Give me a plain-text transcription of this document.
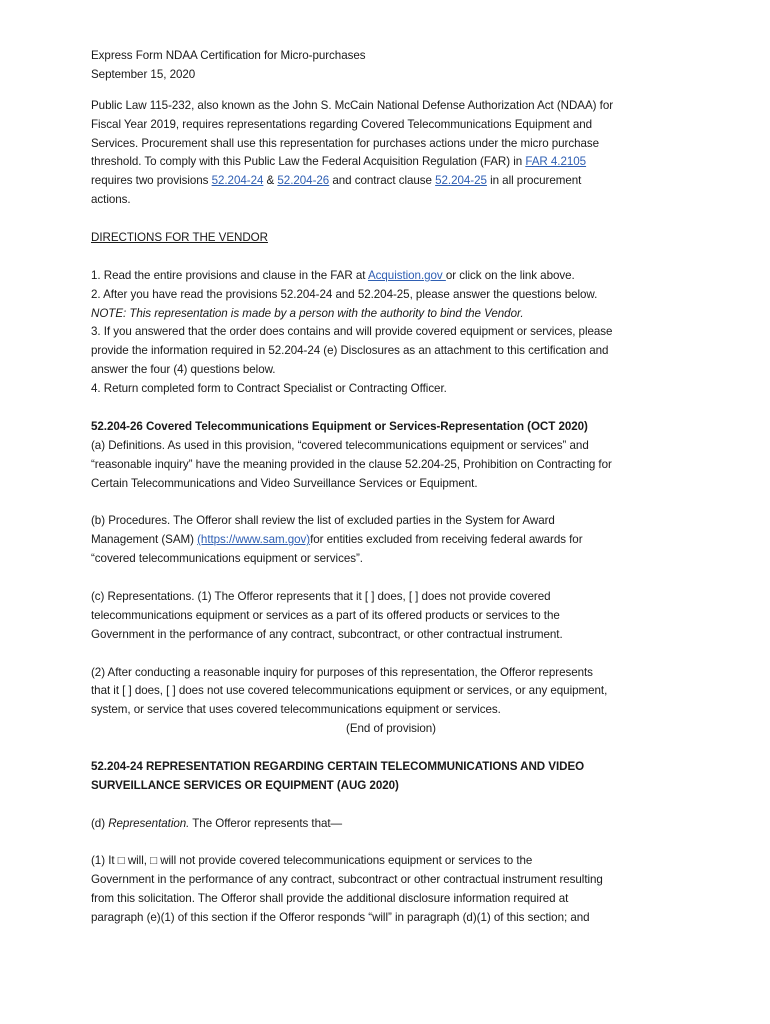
Express Form NDAA Certification for Micro-purchases
September 15, 2020
Public Law 115-232, also known as the John S. McCain National Defense Authorization Act (NDAA) for
Fiscal Year 2019, requires representations regarding Covered Telecommunications Equipment and
Services. Procurement shall use this representation for purchases actions under the micro purchase
threshold. To comply with this Public Law the Federal Acquisition Regulation (FAR) in FAR 4.2105
requires two provisions 52.204-24 & 52.204-26 and contract clause 52.204-25 in all procurement
actions.
DIRECTIONS FOR THE VENDOR
1. Read the entire provisions and clause in the FAR at Acquistion.gov or click on the link above.
2. After you have read the provisions 52.204-24 and 52.204-25, please answer the questions below.
NOTE: This representation is made by a person with the authority to bind the Vendor.
3. If you answered that the order does contains and will provide covered equipment or services, please
provide the information required in 52.204-24 (e) Disclosures as an attachment to this certification and
answer the four (4) questions below.
4. Return completed form to Contract Specialist or Contracting Officer.
52.204-26 Covered Telecommunications Equipment or Services-Representation (OCT 2020)
(a) Definitions. As used in this provision, “covered telecommunications equipment or services” and
“reasonable inquiry” have the meaning provided in the clause 52.204-25, Prohibition on Contracting for
Certain Telecommunications and Video Surveillance Services or Equipment.
(b) Procedures. The Offeror shall review the list of excluded parties in the System for Award
Management (SAM) (https://www.sam.gov)for entities excluded from receiving federal awards for
“covered telecommunications equipment or services”.
(c) Representations. (1) The Offeror represents that it [ ] does, [ ] does not provide covered
telecommunications equipment or services as a part of its offered products or services to the
Government in the performance of any contract, subcontract, or other contractual instrument.
(2) After conducting a reasonable inquiry for purposes of this representation, the Offeror represents
that it [ ] does, [ ] does not use covered telecommunications equipment or services, or any equipment,
system, or service that uses covered telecommunications equipment or services.
(End of provision)
52.204-24 REPRESENTATION REGARDING CERTAIN TELECOMMUNICATIONS AND VIDEO
SURVEILLANCE SERVICES OR EQUIPMENT (AUG 2020)
(d) Representation. The Offeror represents that—
(1) It □ will, □ will not provide covered telecommunications equipment or services to the
Government in the performance of any contract, subcontract or other contractual instrument resulting
from this solicitation. The Offeror shall provide the additional disclosure information required at
paragraph (e)(1) of this section if the Offeror responds “will” in paragraph (d)(1) of this section; and
